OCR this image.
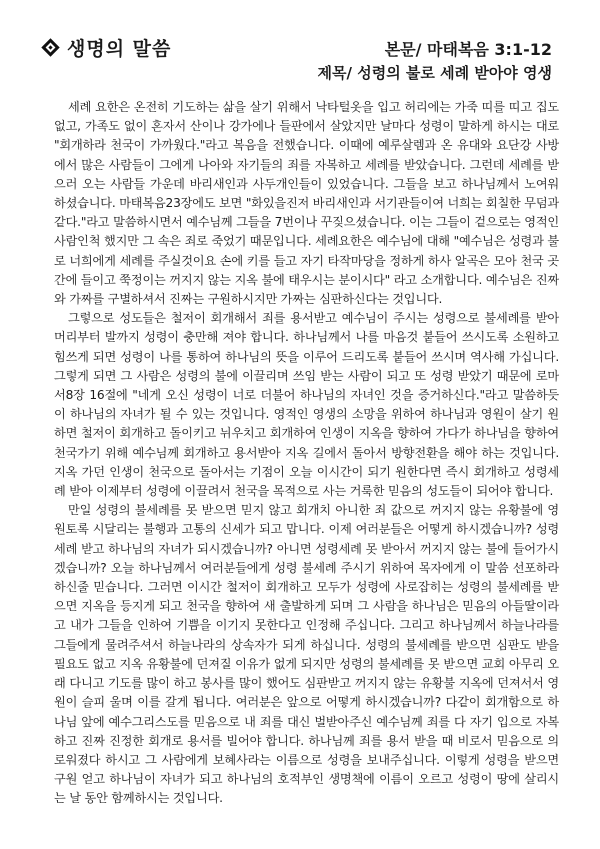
생명의 말씀	본문/ 마태복음 3:1-12
제목/ 성령의 불로 세례 받아야 영생

세례 요한은 온전히 기도하는 삶을 살기 위해서 낙타털옷을 입고 허리에는 가죽 띠를 띠고 집도 없고, 가족도 없이 혼자서 산이나 강가에나 들판에서 살았지만 날마다 성령이 말하게 하시는 대로 "회개하라 천국이 가까웠다."라고 복음을 전했습니다. 이때에 예루살렘과 온 유대와 요단강 사방에서 많은 사람들이 그에게 나아와 자기들의 죄를 자복하고 세례를 받았습니다. 그런데 세례를 받으러 오는 사람들 가운데 바리새인과 사두개인들이 있었습니다. 그들을 보고 하나님께서 노여워 하셨습니다. 마태복음23장에도 보면 "화있을진저 바리새인과 서기관들이여 너희는 회칠한 무덤과 같다."라고 말씀하시면서 예수님께 그들을 7번이나 꾸짖으셨습니다. 이는 그들이 겉으로는 영적인 사람인척 했지만 그 속은 죄로 죽었기 때문입니다. 세례요한은 예수님에 대해 "예수님은 성령과 불로 너희에게 세례를 주실것이요 손에 키를 들고 자기 타작마당을 정하게 하사 알곡은 모아 천국 곳간에 들이고 쭉정이는 꺼지지 않는 지옥 불에 태우시는 분이시다" 라고 소개합니다. 예수님은 진짜와 가짜를 구별하셔서 진짜는 구원하시지만 가짜는 심판하신다는 것입니다.

그렇으로 성도들은 철저이 회개해서 죄를 용서받고 예수님이 주시는 성령으로 불세례를 받아 머리부터 발까지 성령이 충만해 져야 합니다. 하나님께서 나를 마음것 붙들어 쓰시도록 소원하고 힘쓰게 되면 성령이 나를 통하여 하나님의 뜻을 이루어 드리도록 붙들어 쓰시며 역사해 가십니다. 그렇게 되면 그 사람은 성령의 불에 이끌리며 쓰임 받는 사람이 되고 또 성령 받았기 때문에 로마서8장 16절에 "네게 오신 성령이 너로 더불어 하나님의 자녀인 것을 증거하신다."라고 말씀하듯이 하나님의 자녀가 될 수 있는 것입니다. 영적인 영생의 소망을 위하여 하나님과 영원이 살기 원하면 철저이 회개하고 돌이키고 뉘우치고 회개하여 인생이 지옥을 향하여 가다가 하나님을 향하여 천국가기 위해 예수님께 회개하고 용서받아 지옥 길에서 돌아서 방향전환을 해야 하는 것입니다. 지옥 가던 인생이 천국으로 돌아서는 기점이 오늘 이시간이 되기 원한다면 즉시 회개하고 성령세례 받아 이제부터 성령에 이끌려서 천국을 목적으로 사는 거룩한 믿음의 성도들이 되어야 합니다.

만일 성령의 불세례를 못 받으면 믿지 않고 회개치 아니한 죄 값으로 꺼지지 않는 유황불에 영원토록 시달리는 불행과 고통의 신세가 되고 맙니다. 이제 여러분들은 어떻게 하시겠습니까? 성령세례 받고 하나님의 자녀가 되시겠습니까? 아니면 성령세례 못 받아서 꺼지지 않는 불에 들어가시겠습니까? 오늘 하나님께서 여러분들에게 성령 불세례 주시기 위하여 목자에게 이 말씀 선포하라 하신줄 믿습니다. 그러면 이시간 철저이 회개하고 모두가 성령에 사로잡히는 성령의 불세례를 받으면 지옥을 등지게 되고 천국을 향하여 새 출발하게 되며 그 사람을 하나님은 믿음의 아들딸이라고 내가 그들을 인하여 기쁨을 이기지 못한다고 인정해 주십니다. 그리고 하나님께서 하늘나라를 그들에게 물려주셔서 하늘나라의 상속자가 되게 하십니다. 성령의 불세례를 받으면 심판도 받을 필요도 없고 지옥 유황불에 던져질 이유가 없게 되지만 성령의 불세례를 못 받으면 교회 아무리 오래 다니고 기도를 많이 하고 봉사를 많이 했어도 심판받고 꺼지지 않는 유황불 지옥에 던져서서 영원이 슬피 울며 이를 갈게 됩니다. 여러분은 앞으로 어떻게 하시겠습니까? 다같이 회개함으로 하나님 앞에 예수그리스도를 믿음으로 내 죄를 대신 벌받아주신 예수님께 죄를 다 자기 입으로 자복하고 진짜 진정한 회개로 용서를 빌어야 합니다. 하나님께 죄를 용서 받을 때 비로서 믿음으로 의로워졌다 하시고 그 사람에게 보혜사라는 이름으로 성령을 보내주십니다. 이렇게 성령을 받으면 구원 얻고 하나님이 자녀가 되고 하나님의 호적부인 생명책에 이름이 오르고 성령이 땅에 살리시는 날 동안 함께하시는 것입니다.
